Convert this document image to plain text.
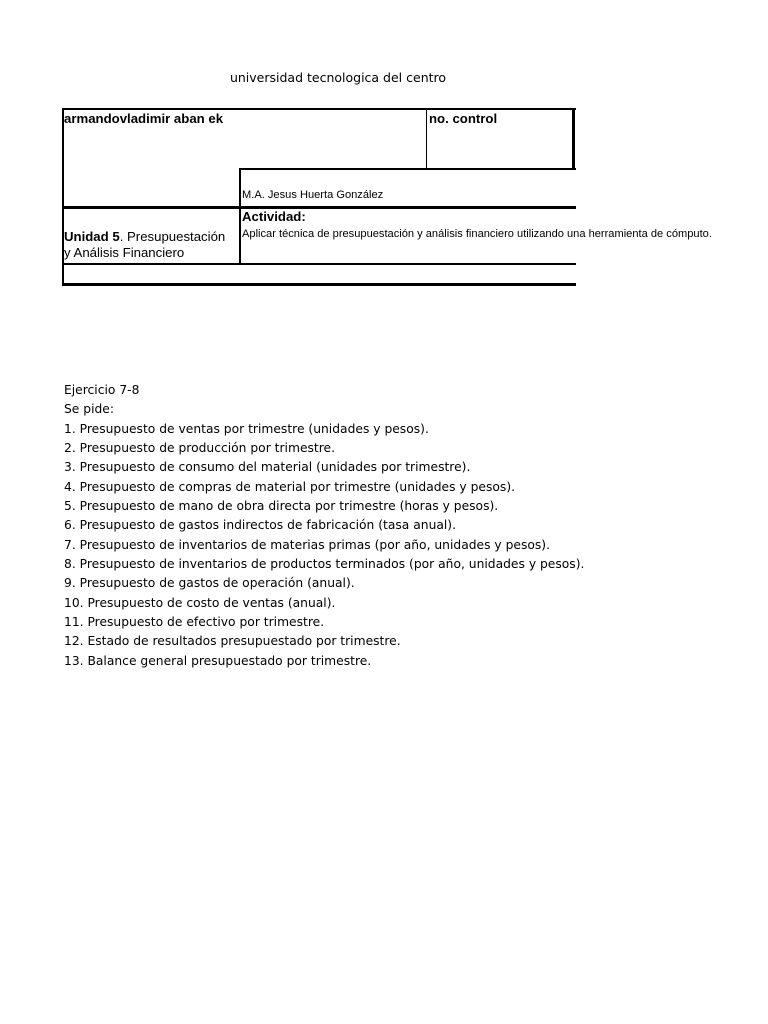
universidad tecnologica del centro
armandovladimir aban ek	no. control
M.A. Jesus Huerta González
Unidad 5. Presupuestación
y Análisis Financiero
Actividad:
Aplicar técnica de presupuestación y análisis financiero utilizando una herramienta de cómputo.
Ejercicio 7-8
Se pide:
1. Presupuesto de ventas por trimestre (unidades y pesos).
2. Presupuesto de producción por trimestre.
3. Presupuesto de consumo del material (unidades por trimestre).
4. Presupuesto de compras de material por trimestre (unidades y pesos).
5. Presupuesto de mano de obra directa por trimestre (horas y pesos).
6. Presupuesto de gastos indirectos de fabricación (tasa anual).
7. Presupuesto de inventarios de materias primas (por año, unidades y pesos).
8. Presupuesto de inventarios de productos terminados (por año, unidades y pesos).
9. Presupuesto de gastos de operación (anual).
10. Presupuesto de costo de ventas (anual).
11. Presupuesto de efectivo por trimestre.
12. Estado de resultados presupuestado por trimestre.
13. Balance general presupuestado por trimestre.
